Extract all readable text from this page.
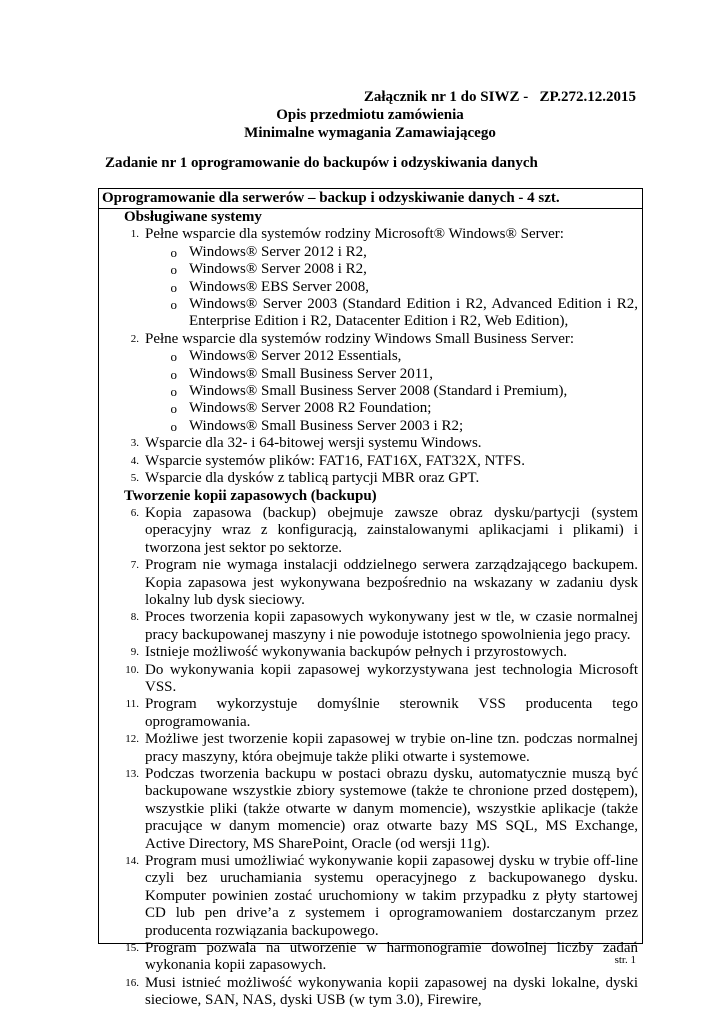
Załącznik nr 1 do SIWZ -   ZP.272.12.2015
Opis przedmiotu zamówienia
Minimalne wymagania Zamawiającego
Zadanie nr 1 oprogramowanie do backupów i odzyskiwania danych
Oprogramowanie dla serwerów – backup i odzyskiwanie danych - 4 szt.
Obsługiwane systemy
1. Pełne wsparcie dla systemów rodziny Microsoft® Windows® Server:
o Windows® Server 2012 i R2,
o Windows® Server 2008 i R2,
o Windows® EBS Server 2008,
o Windows® Server 2003 (Standard Edition i R2, Advanced Edition i R2, Enterprise Edition i R2, Datacenter Edition i R2, Web Edition),
2. Pełne wsparcie dla systemów rodziny Windows Small Business Server:
o Windows® Server 2012 Essentials,
o Windows® Small Business Server 2011,
o Windows® Small Business Server 2008 (Standard i Premium),
o Windows® Server 2008 R2 Foundation;
o Windows® Small Business Server 2003 i R2;
3. Wsparcie dla 32- i 64-bitowej wersji systemu Windows.
4. Wsparcie systemów plików: FAT16, FAT16X, FAT32X, NTFS.
5. Wsparcie dla dysków z tablicą partycji MBR oraz GPT.
Tworzenie kopii zapasowych (backupu)
6. Kopia zapasowa (backup) obejmuje zawsze obraz dysku/partycji (system operacyjny wraz z konfiguracją, zainstalowanymi aplikacjami i plikami) i tworzona jest sektor po sektorze.
7. Program nie wymaga instalacji oddzielnego serwera zarządzającego backupem. Kopia zapasowa jest wykonywana bezpośrednio na wskazany w zadaniu dysk lokalny lub dysk sieciowy.
8. Proces tworzenia kopii zapasowych wykonywany jest w tle, w czasie normalnej pracy backupowanej maszyny i nie powoduje istotnego spowolnienia jego pracy.
9. Istnieje możliwość wykonywania backupów pełnych i przyrostowych.
10. Do wykonywania kopii zapasowej wykorzystywana jest technologia Microsoft VSS.
11. Program wykorzystuje domyślnie sterownik VSS producenta tego oprogramowania.
12. Możliwe jest tworzenie kopii zapasowej w trybie on-line tzn. podczas normalnej pracy maszyny, która obejmuje także pliki otwarte i systemowe.
13. Podczas tworzenia backupu w postaci obrazu dysku, automatycznie muszą być backupowane wszystkie zbiory systemowe (także te chronione przed dostępem), wszystkie pliki (także otwarte w danym momencie), wszystkie aplikacje (także pracujące w danym momencie) oraz otwarte bazy MS SQL, MS Exchange, Active Directory, MS SharePoint, Oracle (od wersji 11g).
14. Program musi umożliwiać wykonywanie kopii zapasowej dysku w trybie off-line czyli bez uruchamiania systemu operacyjnego z backupowanego dysku. Komputer powinien zostać uruchomiony w takim przypadku z płyty startowej CD lub pen drive’a z systemem i oprogramowaniem dostarczanym przez producenta rozwiązania backupowego.
15. Program pozwala na utworzenie w harmonogramie dowolnej liczby zadań wykonania kopii zapasowych.
16. Musi istnieć możliwość wykonywania kopii zapasowej na dyski lokalne, dyski sieciowe, SAN, NAS, dyski USB (w tym 3.0), Firewire,
str. 1
